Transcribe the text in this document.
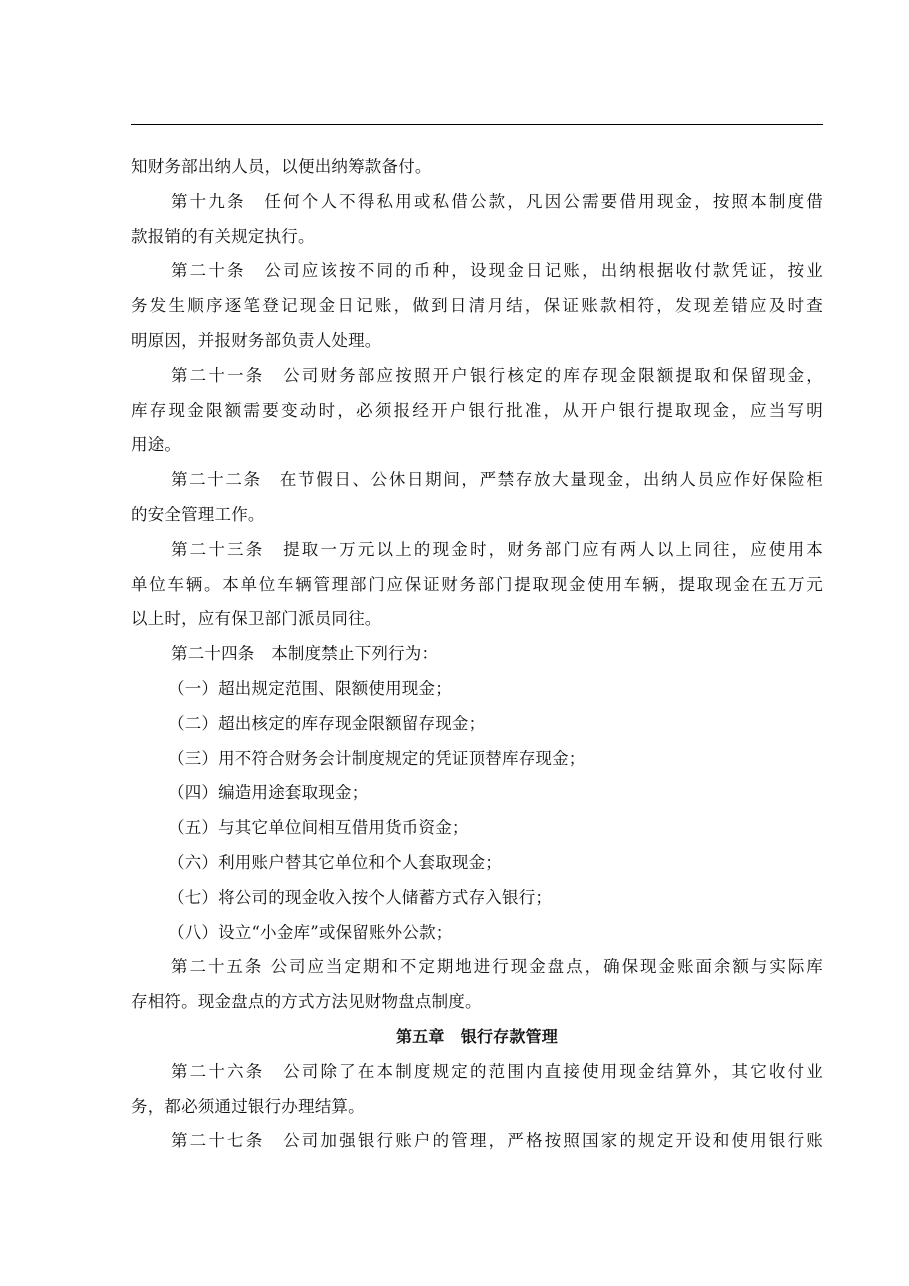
知财务部出纳人员，以便出纳筹款备付。
第十九条　任何个人不得私用或私借公款，凡因公需要借用现金，按照本制度借
款报销的有关规定执行。
第二十条　公司应该按不同的币种，设现金日记账，出纳根据收付款凭证，按业
务发生顺序逐笔登记现金日记账，做到日清月结，保证账款相符，发现差错应及时查
明原因，并报财务部负责人处理。
第二十一条　公司财务部应按照开户银行核定的库存现金限额提取和保留现金，
库存现金限额需要变动时，必须报经开户银行批准，从开户银行提取现金，应当写明
用途。
第二十二条　在节假日、公休日期间，严禁存放大量现金，出纳人员应作好保险柜
的安全管理工作。
第二十三条　提取一万元以上的现金时，财务部门应有两人以上同往，应使用本
单位车辆。本单位车辆管理部门应保证财务部门提取现金使用车辆，提取现金在五万元
以上时，应有保卫部门派员同往。
第二十四条　本制度禁止下列行为：
（一）超出规定范围、限额使用现金；
（二）超出核定的库存现金限额留存现金；
（三）用不符合财务会计制度规定的凭证顶替库存现金；
（四）编造用途套取现金；
（五）与其它单位间相互借用货币资金；
（六）利用账户替其它单位和个人套取现金；
（七）将公司的现金收入按个人储蓄方式存入银行；
（八）设立“小金库”或保留账外公款；
第二十五条 公司应当定期和不定期地进行现金盘点，确保现金账面余额与实际库
存相符。现金盘点的方式方法见财物盘点制度。
第五章　银行存款管理
第二十六条　公司除了在本制度规定的范围内直接使用现金结算外，其它收付业
务，都必须通过银行办理结算。
第二十七条　公司加强银行账户的管理，严格按照国家的规定开设和使用银行账
